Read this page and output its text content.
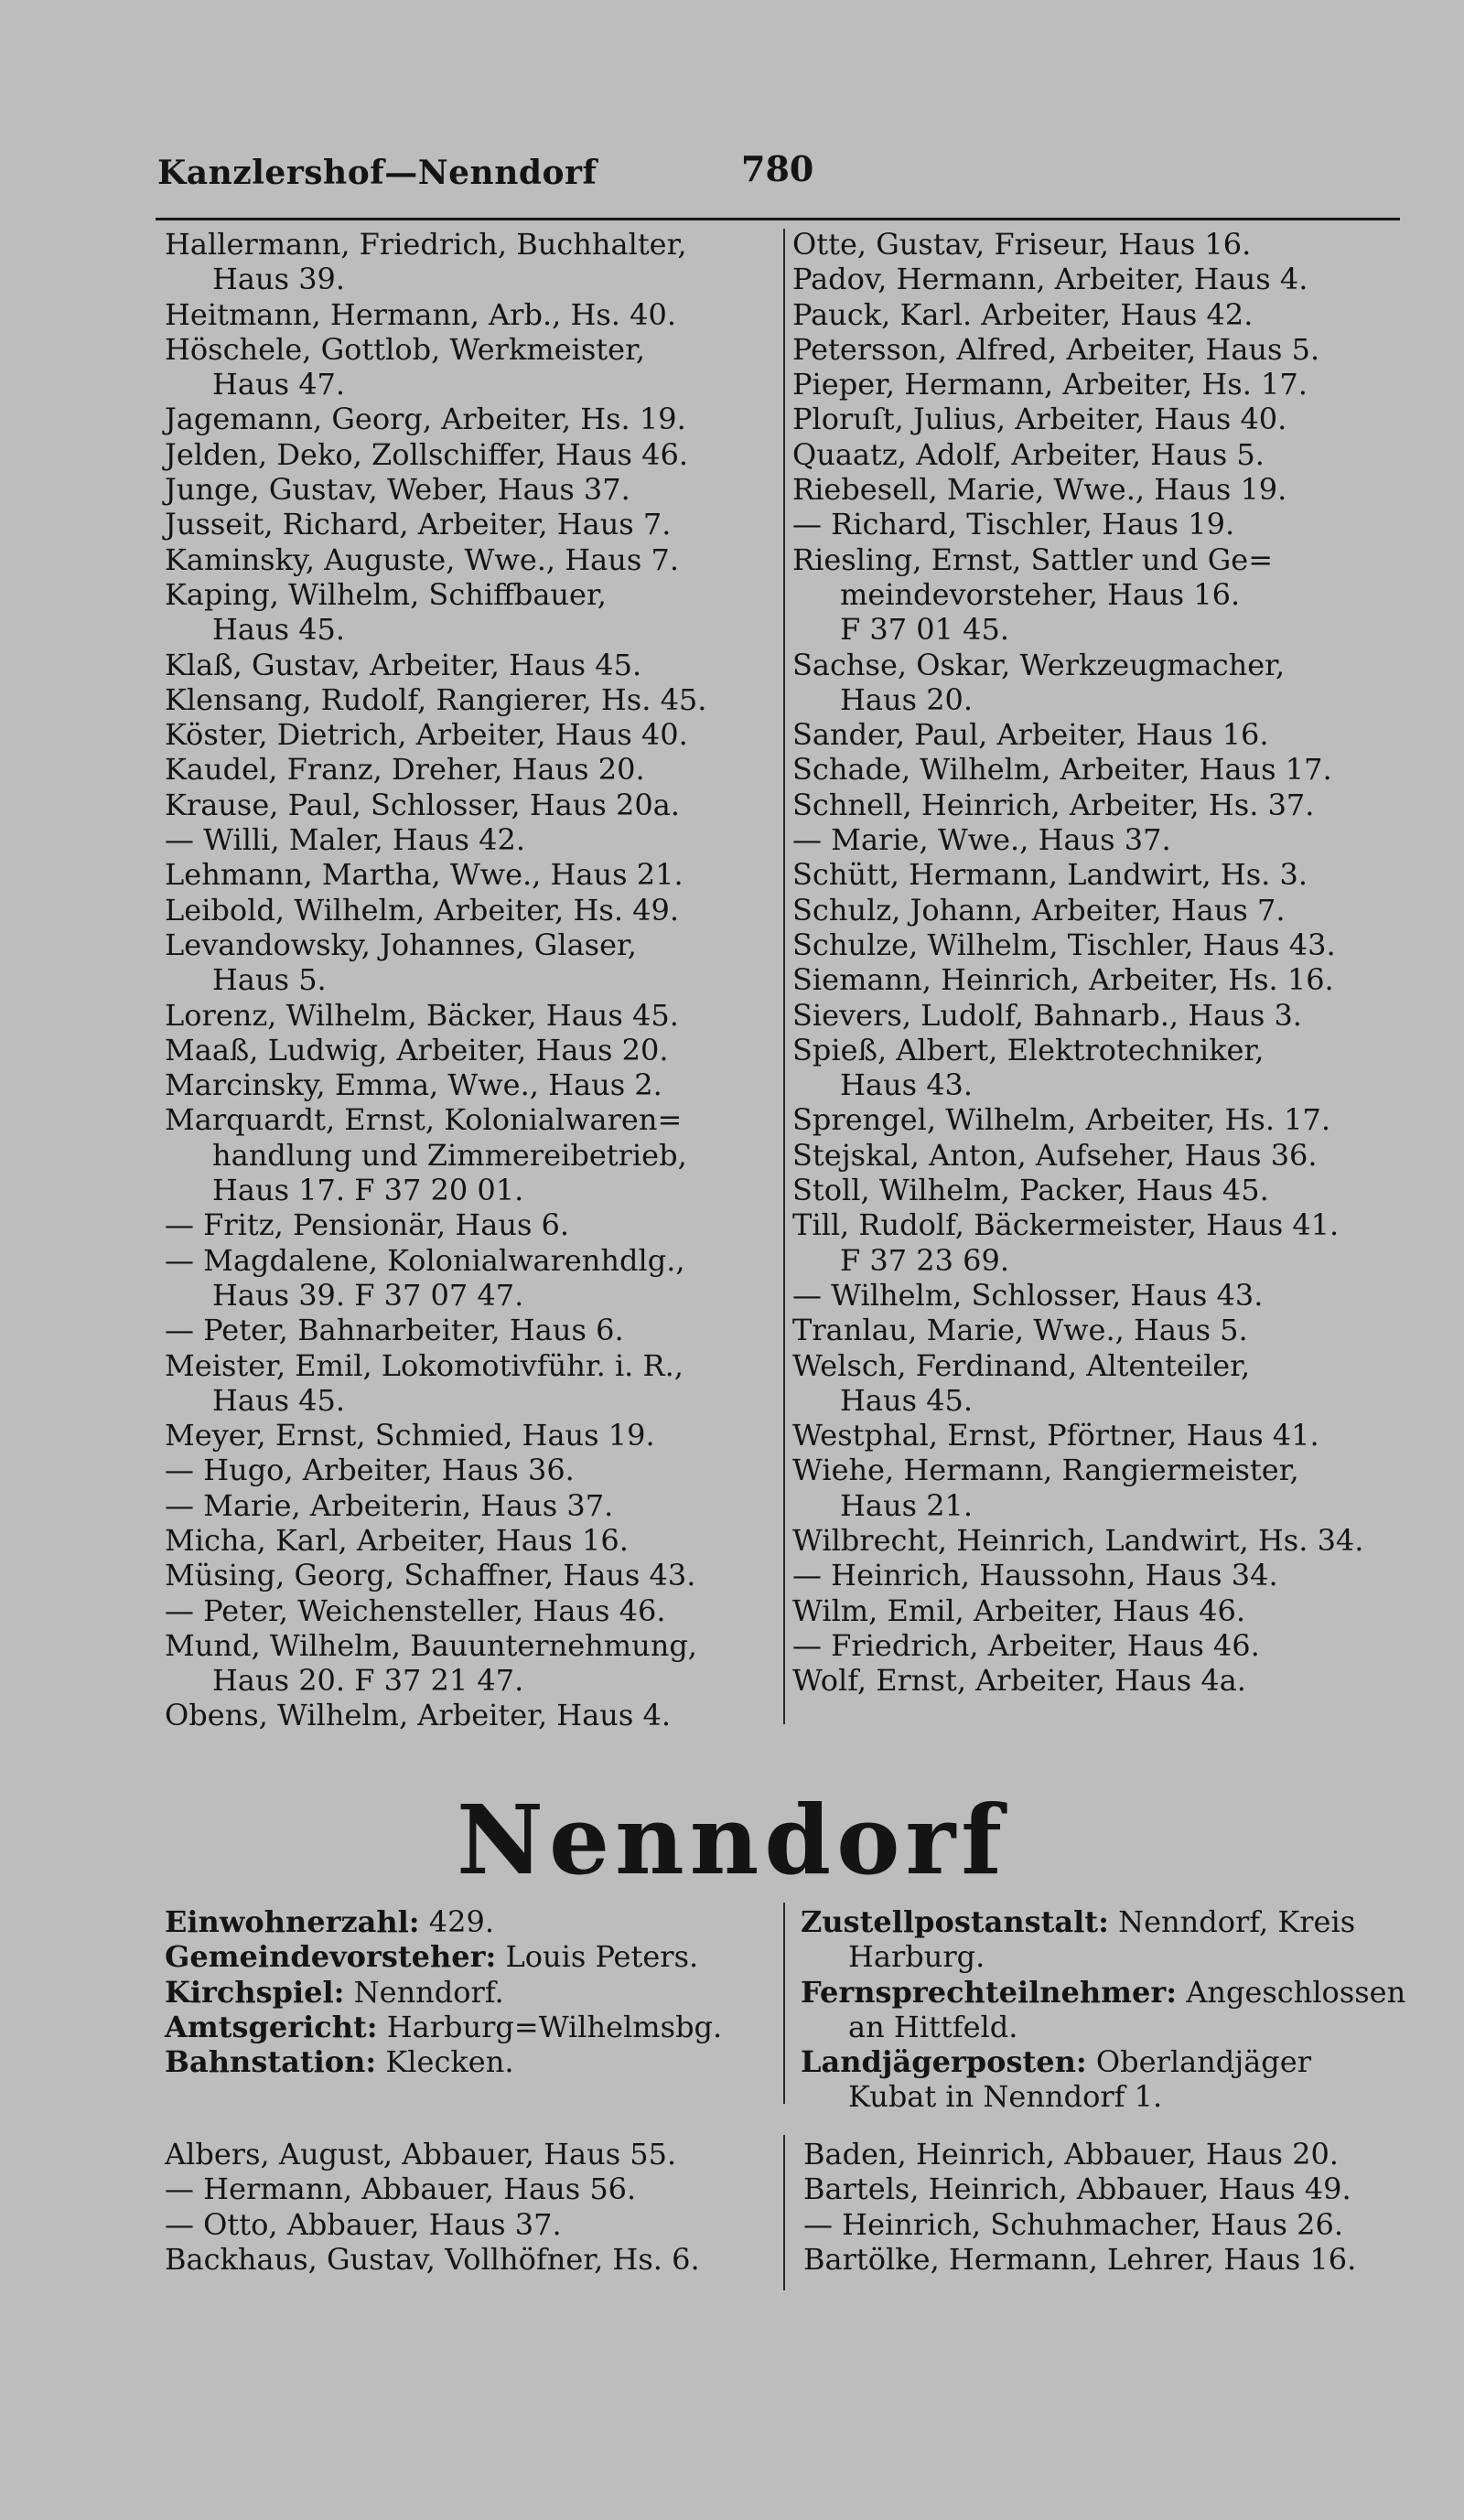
Kanzlershof—Nenndorf	780
Hallermann, Friedrich, Buchhalter,
Haus 39.
Heitmann, Hermann, Arb., Hs. 40.
Höschele, Gottlob, Werkmeister,
Haus 47.
Jagemann, Georg, Arbeiter, Hs. 19.
Jelden, Deko, Zollschiffer, Haus 46.
Junge, Gustav, Weber, Haus 37.
Jusseit, Richard, Arbeiter, Haus 7.
Kaminsky, Auguste, Wwe., Haus 7.
Kaping, Wilhelm, Schiffbauer,
Haus 45.
Klaß, Gustav, Arbeiter, Haus 45.
Klensang, Rudolf, Rangierer, Hs. 45.
Köster, Dietrich, Arbeiter, Haus 40.
Kaudel, Franz, Dreher, Haus 20.
Krause, Paul, Schlosser, Haus 20a.
— Willi, Maler, Haus 42.
Lehmann, Martha, Wwe., Haus 21.
Leibold, Wilhelm, Arbeiter, Hs. 49.
Levandowsky, Johannes, Glaser,
Haus 5.
Lorenz, Wilhelm, Bäcker, Haus 45.
Maaß, Ludwig, Arbeiter, Haus 20.
Marcinsky, Emma, Wwe., Haus 2.
Marquardt, Ernst, Kolonialwaren=
handlung und Zimmereibetrieb,
Haus 17. F 37 20 01.
— Fritz, Pensionär, Haus 6.
— Magdalene, Kolonialwarenhdlg.,
Haus 39. F 37 07 47.
— Peter, Bahnarbeiter, Haus 6.
Meister, Emil, Lokomotivführ. i. R.,
Haus 45.
Meyer, Ernst, Schmied, Haus 19.
— Hugo, Arbeiter, Haus 36.
— Marie, Arbeiterin, Haus 37.
Micha, Karl, Arbeiter, Haus 16.
Müsing, Georg, Schaffner, Haus 43.
— Peter, Weichensteller, Haus 46.
Mund, Wilhelm, Bauunternehmung,
Haus 20. F 37 21 47.
Obens, Wilhelm, Arbeiter, Haus 4.
Otte, Gustav, Friseur, Haus 16.
Padov, Hermann, Arbeiter, Haus 4.
Pauck, Karl. Arbeiter, Haus 42.
Petersson, Alfred, Arbeiter, Haus 5.
Pieper, Hermann, Arbeiter, Hs. 17.
Ploruſt, Julius, Arbeiter, Haus 40.
Quaatz, Adolf, Arbeiter, Haus 5.
Riebesell, Marie, Wwe., Haus 19.
— Richard, Tischler, Haus 19.
Riesling, Ernst, Sattler und Ge=
meindevorsteher, Haus 16.
F 37 01 45.
Sachse, Oskar, Werkzeugmacher,
Haus 20.
Sander, Paul, Arbeiter, Haus 16.
Schade, Wilhelm, Arbeiter, Haus 17.
Schnell, Heinrich, Arbeiter, Hs. 37.
— Marie, Wwe., Haus 37.
Schütt, Hermann, Landwirt, Hs. 3.
Schulz, Johann, Arbeiter, Haus 7.
Schulze, Wilhelm, Tischler, Haus 43.
Siemann, Heinrich, Arbeiter, Hs. 16.
Sievers, Ludolf, Bahnarb., Haus 3.
Spieß, Albert, Elektrotechniker,
Haus 43.
Sprengel, Wilhelm, Arbeiter, Hs. 17.
Stejskal, Anton, Aufseher, Haus 36.
Stoll, Wilhelm, Packer, Haus 45.
Till, Rudolf, Bäckermeister, Haus 41.
F 37 23 69.
— Wilhelm, Schlosser, Haus 43.
Tranlau, Marie, Wwe., Haus 5.
Welsch, Ferdinand, Altenteiler,
Haus 45.
Westphal, Ernst, Pförtner, Haus 41.
Wiehe, Hermann, Rangiermeister,
Haus 21.
Wilbrecht, Heinrich, Landwirt, Hs. 34.
— Heinrich, Haussohn, Haus 34.
Wilm, Emil, Arbeiter, Haus 46.
— Friedrich, Arbeiter, Haus 46.
Wolf, Ernst, Arbeiter, Haus 4a.
Nenndorf
Einwohnerzahl: 429.
Gemeindevorsteher: Louis Peters.
Kirchspiel: Nenndorf.
Amtsgericht: Harburg=Wilhelmsbg.
Bahnstation: Klecken.
Zustellpostanstalt: Nenndorf, Kreis
Harburg.
Fernsprechteilnehmer: Angeschlossen
an Hittfeld.
Landjägerposten: Oberlandjäger
Kubat in Nenndorf 1.
Albers, August, Abbauer, Haus 55.
— Hermann, Abbauer, Haus 56.
— Otto, Abbauer, Haus 37.
Backhaus, Gustav, Vollhöfner, Hs. 6.
Baden, Heinrich, Abbauer, Haus 20.
Bartels, Heinrich, Abbauer, Haus 49.
— Heinrich, Schuhmacher, Haus 26.
Bartölke, Hermann, Lehrer, Haus 16.
